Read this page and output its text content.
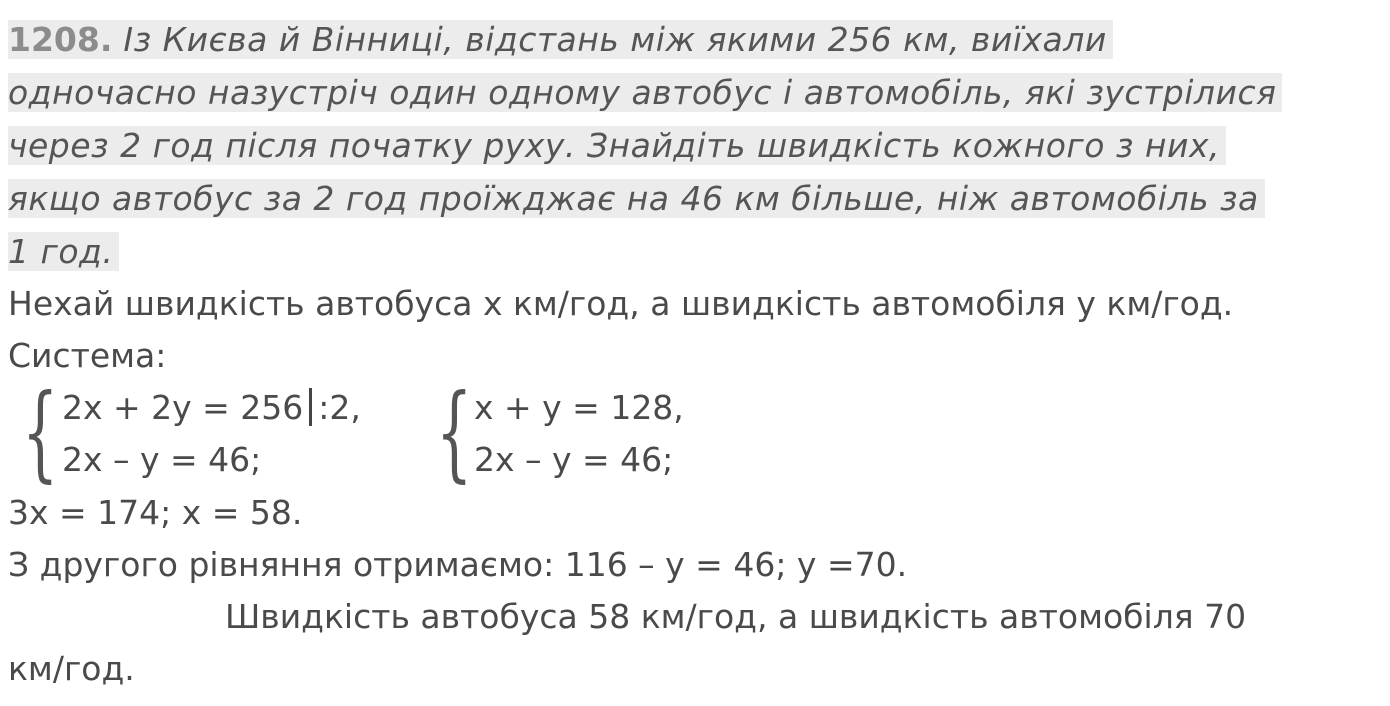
1208. Із Києва й Вінниці, відстань між якими 256 км, виїхали
одночасно назустріч один одному автобус і автомобіль, які зустрілися
через 2 год після початку руху. Знайдіть швидкість кожного з них,
якщо автобус за 2 год проїжджає на 46 км більше, ніж автомобіль за
1 год.
Нехай швидкість автобуса х км/год, а швидкість автомобіля у км/год.
Система:
{ 2x + 2y = 256 :2,
2x – y = 46; { x + y = 128,
2x – y = 46;
3x = 174; x = 58.
З другого рівняння отримаємо: 116 – у = 46; у =70.
Швидкість автобуса 58 км/год, а швидкість автомобіля 70
км/год.
